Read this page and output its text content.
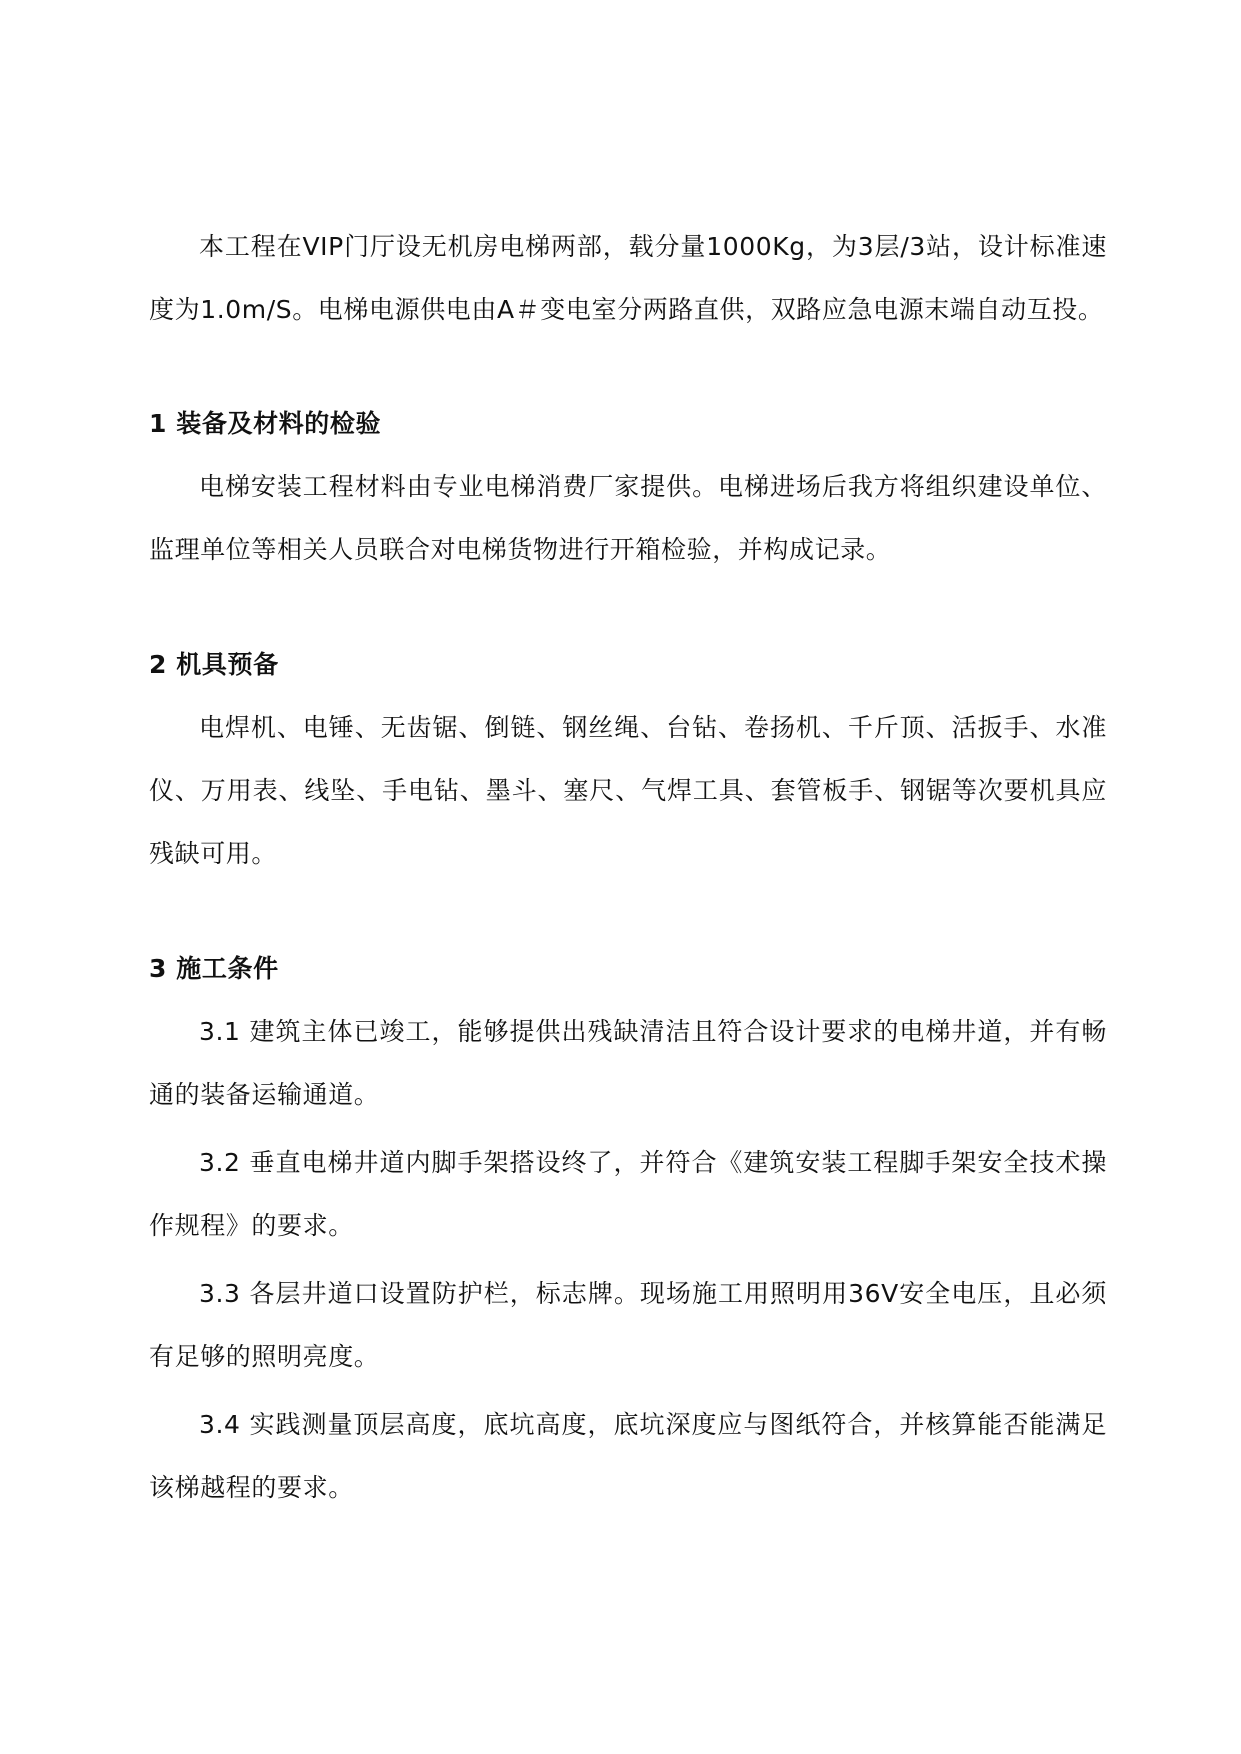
本工程在VIP门厅设无机房电梯两部，载分量1000Kg，为3层/3站，设计标准速度为1.0m/S。电梯电源供电由A＃变电室分两路直供，双路应急电源末端自动互投。

1 装备及材料的检验

电梯安装工程材料由专业电梯消费厂家提供。电梯进场后我方将组织建设单位、监理单位等相关人员联合对电梯货物进行开箱检验，并构成记录。

2 机具预备

电焊机、电锤、无齿锯、倒链、钢丝绳、台钻、卷扬机、千斤顶、活扳手、水准仪、万用表、线坠、手电钻、墨斗、塞尺、气焊工具、套管板手、钢锯等次要机具应残缺可用。

3 施工条件

3.1 建筑主体已竣工，能够提供出残缺清洁且符合设计要求的电梯井道，并有畅通的装备运输通道。

3.2 垂直电梯井道内脚手架搭设终了，并符合《建筑安装工程脚手架安全技术操作规程》的要求。

3.3 各层井道口设置防护栏，标志牌。现场施工用照明用36V安全电压，且必须有足够的照明亮度。

3.4 实践测量顶层高度，底坑高度，底坑深度应与图纸符合，并核算能否能满足该梯越程的要求。
